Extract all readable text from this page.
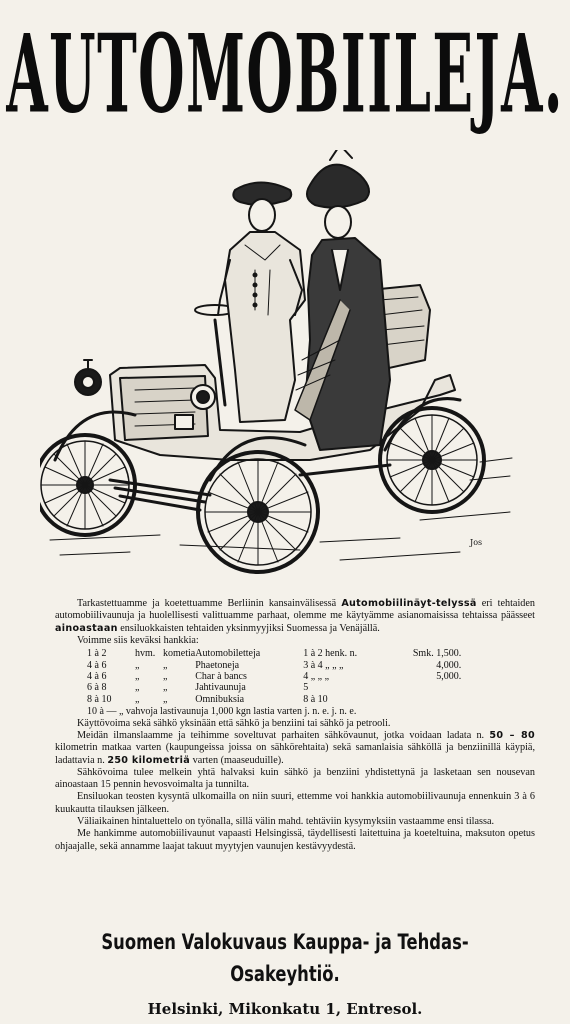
AUTOMOBIILEJA.
Jos

Tarkastettuamme ja koetettuamme Berliinin kansainvälisessä Automobiilinäyt-telyssä eri tehtaiden automobiilivaunuja ja huolellisesti valittuamme parhaat, olemme me käytyämme asianomaisissa tehtaissa päässeet ainoastaan ensiluokkaisten tehtaiden yksinmyyjiksi Suomessa ja Venäjällä.

Voimme siis keväksi hankkia:

1 à 2	hvm.	kometia	Automobiletteja	1 à 2 henk. n.	Smk. 1,500.
4 à 6	„	„	Phaetoneja	3 à 4 „ „ „	4,000.
4 à 6	„	„	Char à bancs	4 „ „ „	5,000.
6 à 8	„	„	Jahtivaunuja	5	
8 à 10	„	„	Omnibuksia	8 à 10	
10 à — „ vahvoja lastivaunuja 1,000 kgn lastia varten j. n. e. j. n. e.

Käyttövoima sekä sähkö yksinään että sähkö ja benziini tai sähkö ja petrooli.

Meidän ilmanslaamme ja teihimme soveltuvat parhaiten sähkövaunut, jotka voidaan ladata n. 50 – 80 kilometrin matkaa varten (kaupungeissa joissa on sähkörehtaita) sekä samanlaisia sähköllä ja benziinillä käypiä, ladattavia n. 250 kilometriä varten (maaseuduille).

Sähkövoima tulee melkein yhtä halvaksi kuin sähkö ja benziini yhdistettynä ja lasketaan sen nousevan ainoastaan 15 pennin hevosvoimalta ja tunnilta.

Ensiluokan teosten kysyntä ulkomailla on niin suuri, ettemme voi hankkia automobiilivaunuja ennenkuin 3 à 6 kuukautta tilauksen jälkeen.

Väliaikainen hintaluettelo on työnalla, sillä välin mahd. tehtäviin kysymyksiin vastaamme ensi tilassa.

Me hankimme automobiilivaunut vapaasti Helsingissä, täydellisesti laitettuina ja koeteltuina, maksuton opetus ohjaajalle, sekä annamme laajat takuut myytyjen vaunujen kestävyydestä.

Suomen Valokuvaus Kauppa- ja Tehdas-
Osakeyhtiö.
Helsinki, Mikonkatu 1, Entresol.
